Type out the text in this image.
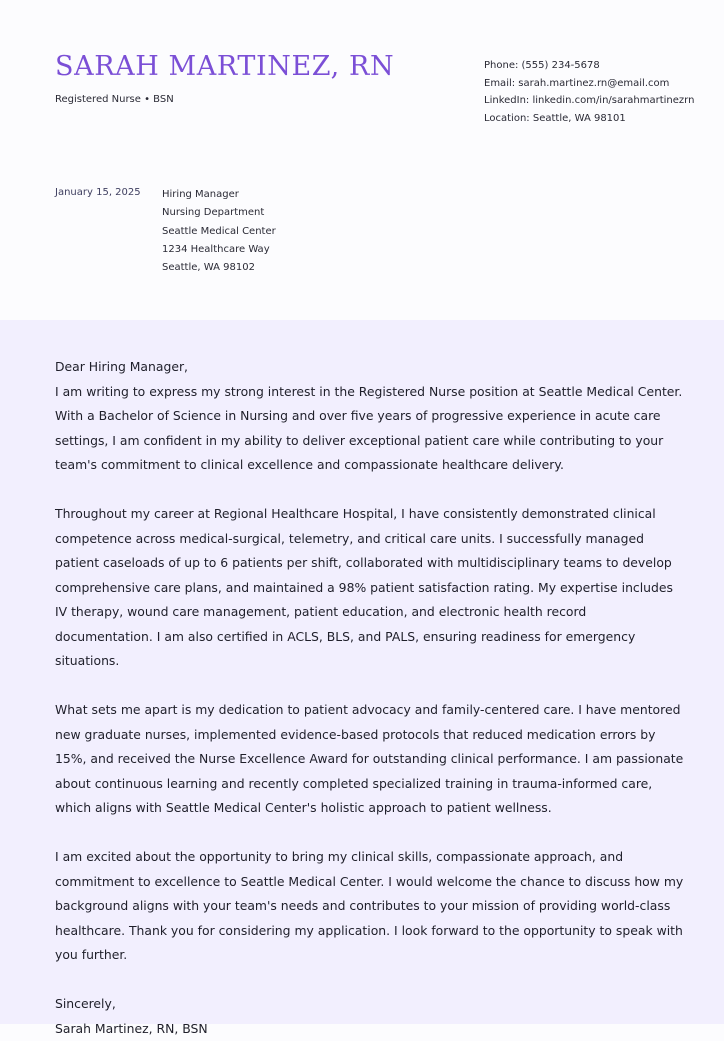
SARAH MARTINEZ, RN
Registered Nurse • BSN
Phone: (555) 234-5678
Email: sarah.martinez.rn@email.com
LinkedIn: linkedin.com/in/sarahmartinezrn
Location: Seattle, WA 98101
January 15, 2025 Hiring Manager
Nursing Department
Seattle Medical Center
1234 Healthcare Way
Seattle, WA 98102

Dear Hiring Manager,

I am writing to express my strong interest in the Registered Nurse position at Seattle Medical Center. With a Bachelor of Science in Nursing and over five years of progressive experience in acute care settings, I am confident in my ability to deliver exceptional patient care while contributing to your team's commitment to clinical excellence and compassionate healthcare delivery.

Throughout my career at Regional Healthcare Hospital, I have consistently demonstrated clinical competence across medical-surgical, telemetry, and critical care units. I successfully managed patient caseloads of up to 6 patients per shift, collaborated with multidisciplinary teams to develop comprehensive care plans, and maintained a 98% patient satisfaction rating. My expertise includes IV therapy, wound care management, patient education, and electronic health record documentation. I am also certified in ACLS, BLS, and PALS, ensuring readiness for emergency situations.

What sets me apart is my dedication to patient advocacy and family-centered care. I have mentored new graduate nurses, implemented evidence-based protocols that reduced medication errors by 15%, and received the Nurse Excellence Award for outstanding clinical performance. I am passionate about continuous learning and recently completed specialized training in trauma-informed care, which aligns with Seattle Medical Center's holistic approach to patient wellness.

I am excited about the opportunity to bring my clinical skills, compassionate approach, and commitment to excellence to Seattle Medical Center. I would welcome the chance to discuss how my background aligns with your team's needs and contributes to your mission of providing world-class healthcare. Thank you for considering my application. I look forward to the opportunity to speak with you further.

Sincerely,

Sarah Martinez, RN, BSN
